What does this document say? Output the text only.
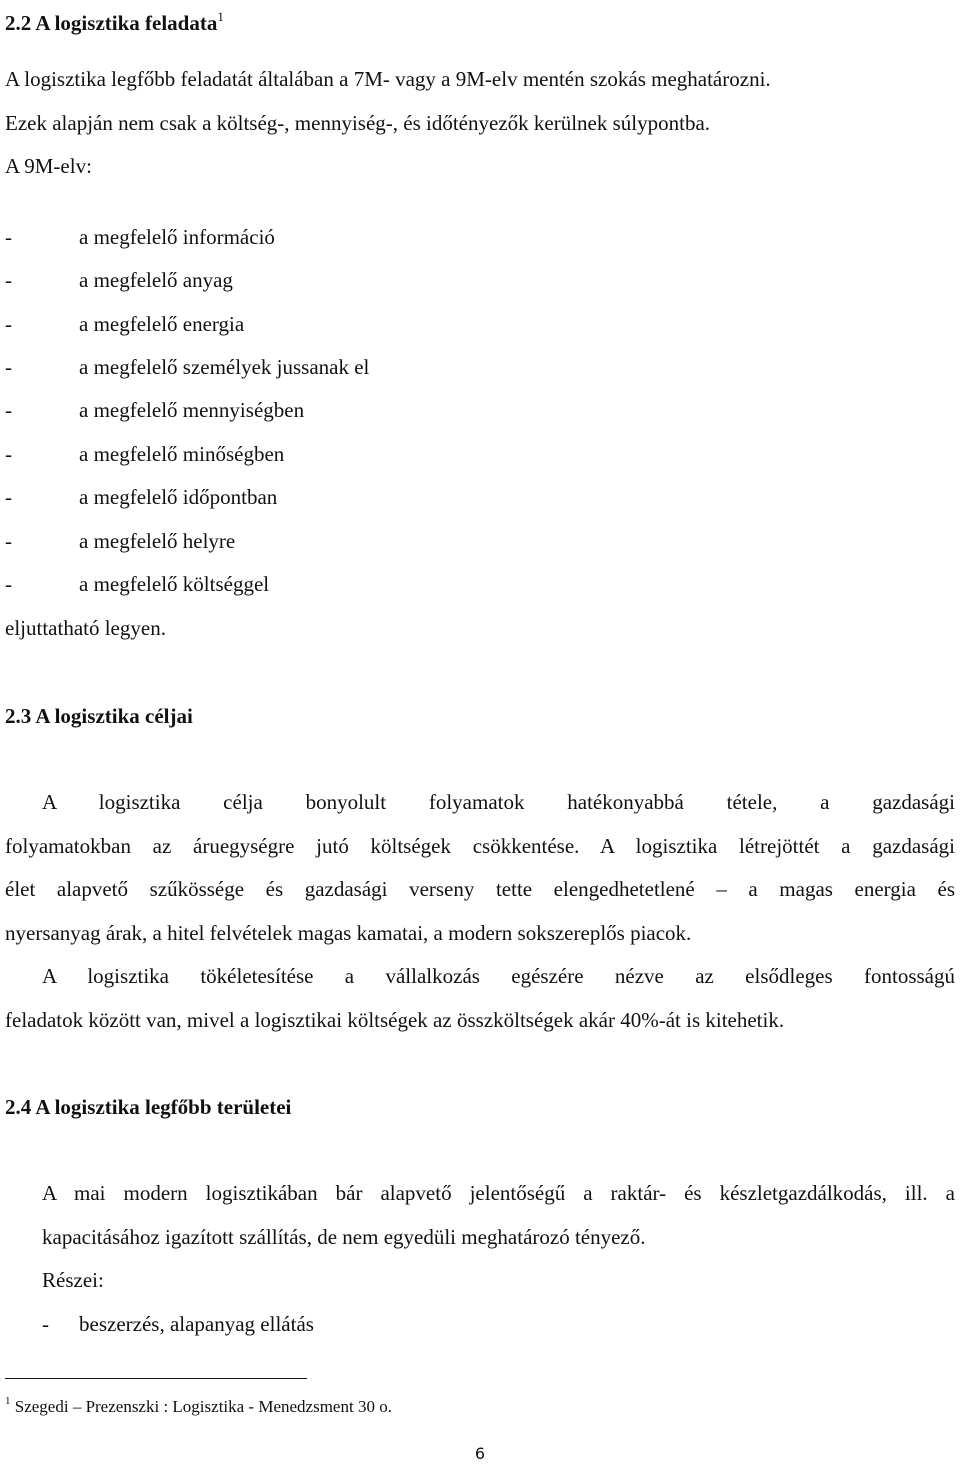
2.2 A logisztika feladata$^1$
A logisztika legfőbb feladatát általában a 7M- vagy a 9M-elv mentén szokás meghatározni.
Ezek alapján nem csak a költség-, mennyiség-, és időtényezők kerülnek súlypontba.
A 9M-elv:
-	a megfelelő információ
-	a megfelelő anyag
-	a megfelelő energia
-	a megfelelő személyek jussanak el
-	a megfelelő mennyiségben
-	a megfelelő minőségben
-	a megfelelő időpontban
-	a megfelelő helyre
-	a megfelelő költséggel
eljuttatható legyen.
2.3 A logisztika céljai
A logisztika célja bonyolult folyamatok hatékonyabbá tétele, a gazdasági
folyamatokban az áruegységre jutó költségek csökkentése. A logisztika létrejöttét a gazdasági
élet alapvető szűkössége és gazdasági verseny tette elengedhetetlené – a magas energia és
nyersanyag árak, a hitel felvételek magas kamatai, a modern sokszereplős piacok.
A logisztika tökéletesítése a vállalkozás egészére nézve az elsődleges fontosságú
feladatok között van, mivel a logisztikai költségek az összköltségek akár 40%-át is kitehetik.
2.4 A logisztika legfőbb területei
A mai modern logisztikában bár alapvető jelentőségű a raktár- és készletgazdálkodás, ill. a
kapacitásához igazított szállítás, de nem egyedüli meghatározó tényező.
Részei:
- beszerzés, alapanyag ellátás
$^1$ Szegedi – Prezenszki : Logisztika - Menedzsment 30 o.
6
